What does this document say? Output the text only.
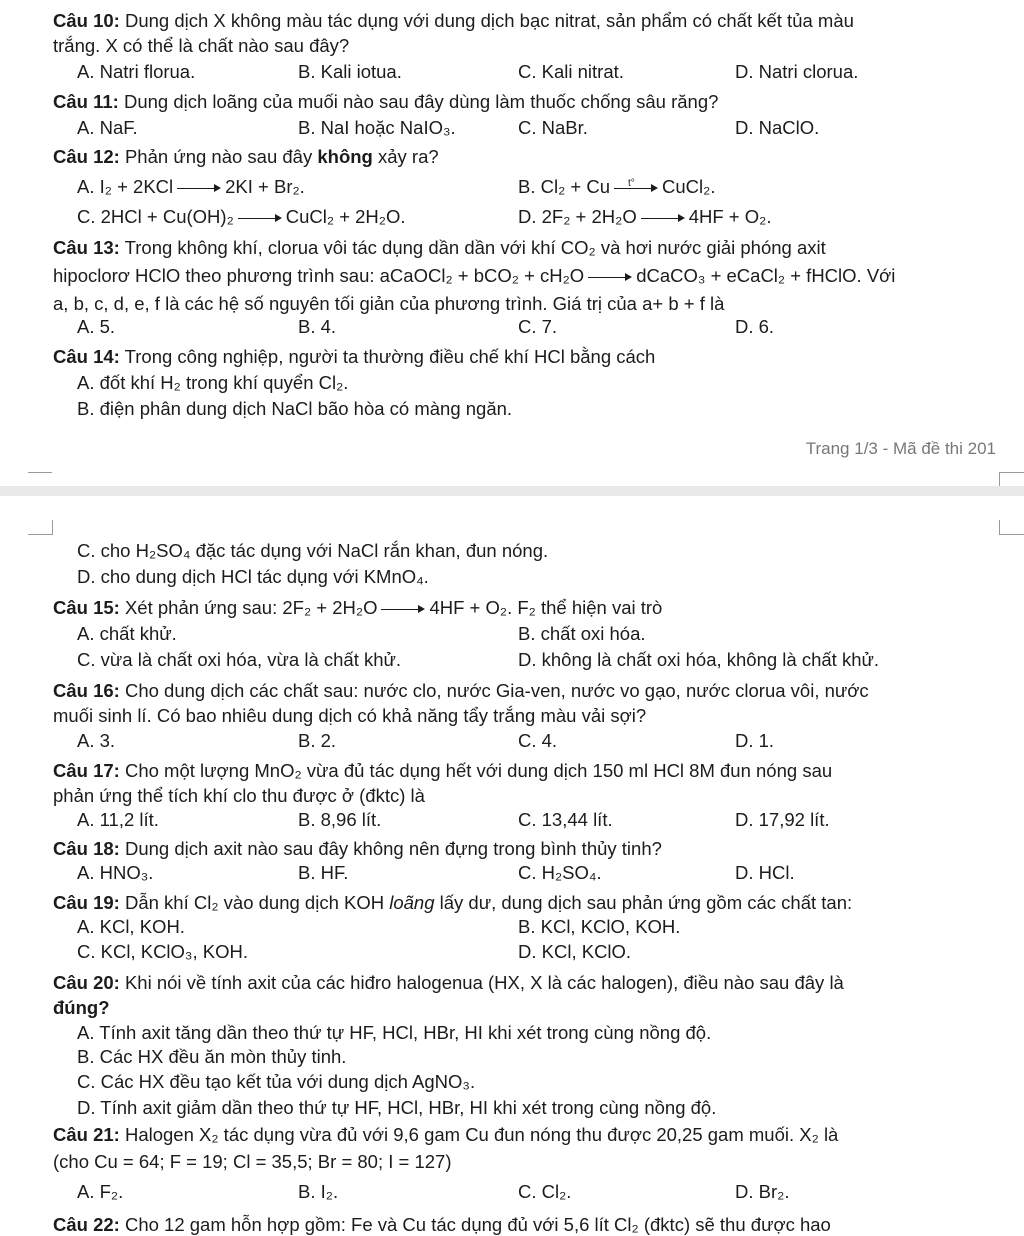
Câu 10: Dung dịch X không màu tác dụng với dung dịch bạc nitrat, sản phẩm có chất kết tủa màu
trắng. X có thể là chất nào sau đây?
A. Natri florua.	B. Kali iotua.	C. Kali nitrat.	D. Natri clorua.
Câu 11: Dung dịch loãng của muối nào sau đây dùng làm thuốc chống sâu răng?
A. NaF.	B. NaI hoặc NaIO₃.	C. NaBr.	D. NaClO.
Câu 12: Phản ứng nào sau đây không xảy ra?
A. I₂ + 2KCl	2KI + Br₂.	B. Cl₂ + Cu t° CuCl₂.
C. 2HCl + Cu(OH)₂	CuCl₂ + 2H₂O.	D. 2F₂ + 2H₂O	4HF + O₂.
Câu 13: Trong không khí, clorua vôi tác dụng dần dần với khí CO₂ và hơi nước giải phóng axit
hipoclorơ HClO theo phương trình sau: aCaOCl₂ + bCO₂ + cH₂O	dCaCO₃ + eCaCl₂ + fHClO. Với
a, b, c, d, e, f là các hệ số nguyên tối giản của phương trình. Giá trị của a+ b + f là
A. 5.	B. 4.	C. 7.	D. 6.
Câu 14: Trong công nghiệp, người ta thường điều chế khí HCl bằng cách
A. đốt khí H₂ trong khí quyển Cl₂.
B. điện phân dung dịch NaCl bão hòa có màng ngăn.
Trang 1/3 - Mã đề thi 201
C. cho H₂SO₄ đặc tác dụng với NaCl rắn khan, đun nóng.
D. cho dung dịch HCl tác dụng với KMnO₄.
Câu 15: Xét phản ứng sau: 2F₂ + 2H₂O	4HF + O₂. F₂ thể hiện vai trò
A. chất khử.	B. chất oxi hóa.
C. vừa là chất oxi hóa, vừa là chất khử.	D. không là chất oxi hóa, không là chất khử.
Câu 16: Cho dung dịch các chất sau: nước clo, nước Gia-ven, nước vo gạo, nước clorua vôi, nước
muối sinh lí. Có bao nhiêu dung dịch có khả năng tẩy trắng màu vải sợi?
A. 3.	B. 2.	C. 4.	D. 1.
Câu 17: Cho một lượng MnO₂ vừa đủ tác dụng hết với dung dịch 150 ml HCl 8M đun nóng sau
phản ứng thể tích khí clo thu được ở (đktc) là
A. 11,2 lít.	B. 8,96 lít.	C. 13,44 lít.	D. 17,92 lít.
Câu 18: Dung dịch axit nào sau đây không nên đựng trong bình thủy tinh?
A. HNO₃.	B. HF.	C. H₂SO₄.	D. HCl.
Câu 19: Dẫn khí Cl₂ vào dung dịch KOH loãng lấy dư, dung dịch sau phản ứng gồm các chất tan:
A. KCl, KOH.	B. KCl, KClO, KOH.
C. KCl, KClO₃, KOH.	D. KCl, KClO.
Câu 20: Khi nói về tính axit của các hiđro halogenua (HX, X là các halogen), điều nào sau đây là
đúng?
A. Tính axit tăng dần theo thứ tự HF, HCl, HBr, HI khi xét trong cùng nồng độ.
B. Các HX đều ăn mòn thủy tinh.
C. Các HX đều tạo kết tủa với dung dịch AgNO₃.
D. Tính axit giảm dần theo thứ tự HF, HCl, HBr, HI khi xét trong cùng nồng độ.
Câu 21: Halogen X₂ tác dụng vừa đủ với 9,6 gam Cu đun nóng thu được 20,25 gam muối. X₂ là
(cho Cu = 64; F = 19; Cl = 35,5; Br = 80; I = 127)
A. F₂.	B. I₂.	C. Cl₂.	D. Br₂.
Câu 22: Cho 12 gam hỗn hợp gồm: Fe và Cu tác dụng đủ với 5,6 lít Cl₂ (đktc) sẽ thu được hao
